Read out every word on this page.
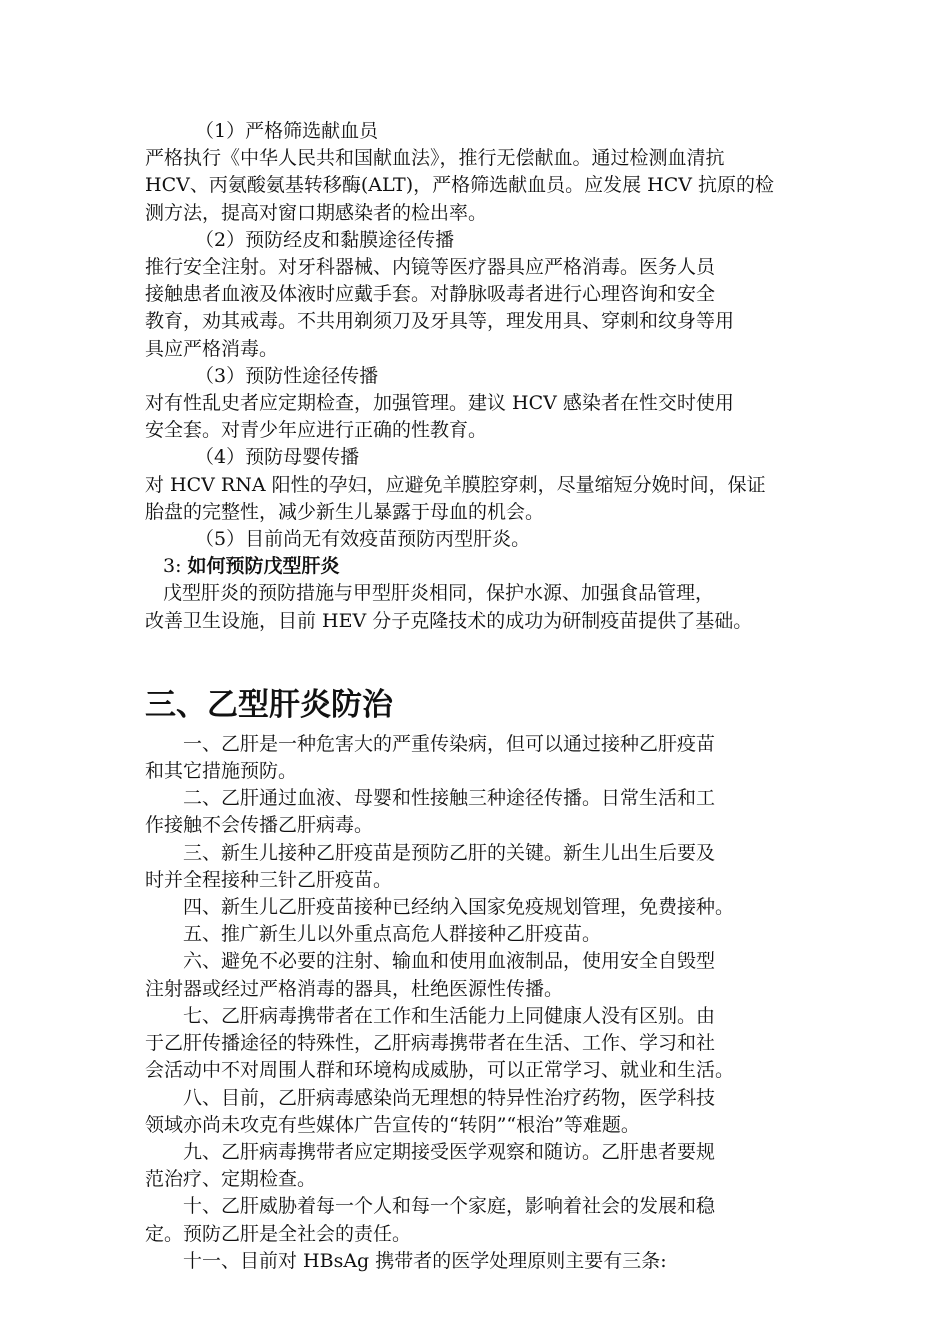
（1）严格筛选献血员
严格执行《中华人民共和国献血法》，推行无偿献血。通过检测血清抗
HCV、丙氨酸氨基转移酶(ALT)，严格筛选献血员。应发展 HCV 抗原的检
测方法，提高对窗口期感染者的检出率。
（2）预防经皮和黏膜途径传播
推行安全注射。对牙科器械、内镜等医疗器具应严格消毒。医务人员
接触患者血液及体液时应戴手套。对静脉吸毒者进行心理咨询和安全
教育，劝其戒毒。不共用剃须刀及牙具等，理发用具、穿刺和纹身等用
具应严格消毒。
（3）预防性途径传播
对有性乱史者应定期检查，加强管理。建议 HCV 感染者在性交时使用
安全套。对青少年应进行正确的性教育。
（4）预防母婴传播
对 HCV RNA 阳性的孕妇，应避免羊膜腔穿刺，尽量缩短分娩时间，保证
胎盘的完整性，减少新生儿暴露于母血的机会。
（5）目前尚无有效疫苗预防丙型肝炎。
3: 如何预防戊型肝炎
戊型肝炎的预防措施与甲型肝炎相同，保护水源、加强食品管理，
改善卫生设施，目前 HEV 分子克隆技术的成功为研制疫苗提供了基础。
三、乙型肝炎防治
一、乙肝是一种危害大的严重传染病，但可以通过接种乙肝疫苗
和其它措施预防。
二、乙肝通过血液、母婴和性接触三种途径传播。日常生活和工
作接触不会传播乙肝病毒。
三、新生儿接种乙肝疫苗是预防乙肝的关键。新生儿出生后要及
时并全程接种三针乙肝疫苗。
四、新生儿乙肝疫苗接种已经纳入国家免疫规划管理，免费接种。
五、推广新生儿以外重点高危人群接种乙肝疫苗。
六、避免不必要的注射、输血和使用血液制品，使用安全自毁型
注射器或经过严格消毒的器具，杜绝医源性传播。
七、乙肝病毒携带者在工作和生活能力上同健康人没有区别。由
于乙肝传播途径的特殊性，乙肝病毒携带者在生活、工作、学习和社
会活动中不对周围人群和环境构成威胁，可以正常学习、就业和生活。
八、目前，乙肝病毒感染尚无理想的特异性治疗药物，医学科技
领域亦尚未攻克有些媒体广告宣传的“转阴”“根治”等难题。
九、乙肝病毒携带者应定期接受医学观察和随访。乙肝患者要规
范治疗、定期检查。
十、乙肝威胁着每一个人和每一个家庭，影响着社会的发展和稳
定。预防乙肝是全社会的责任。
十一、目前对 HBsAg 携带者的医学处理原则主要有三条:
